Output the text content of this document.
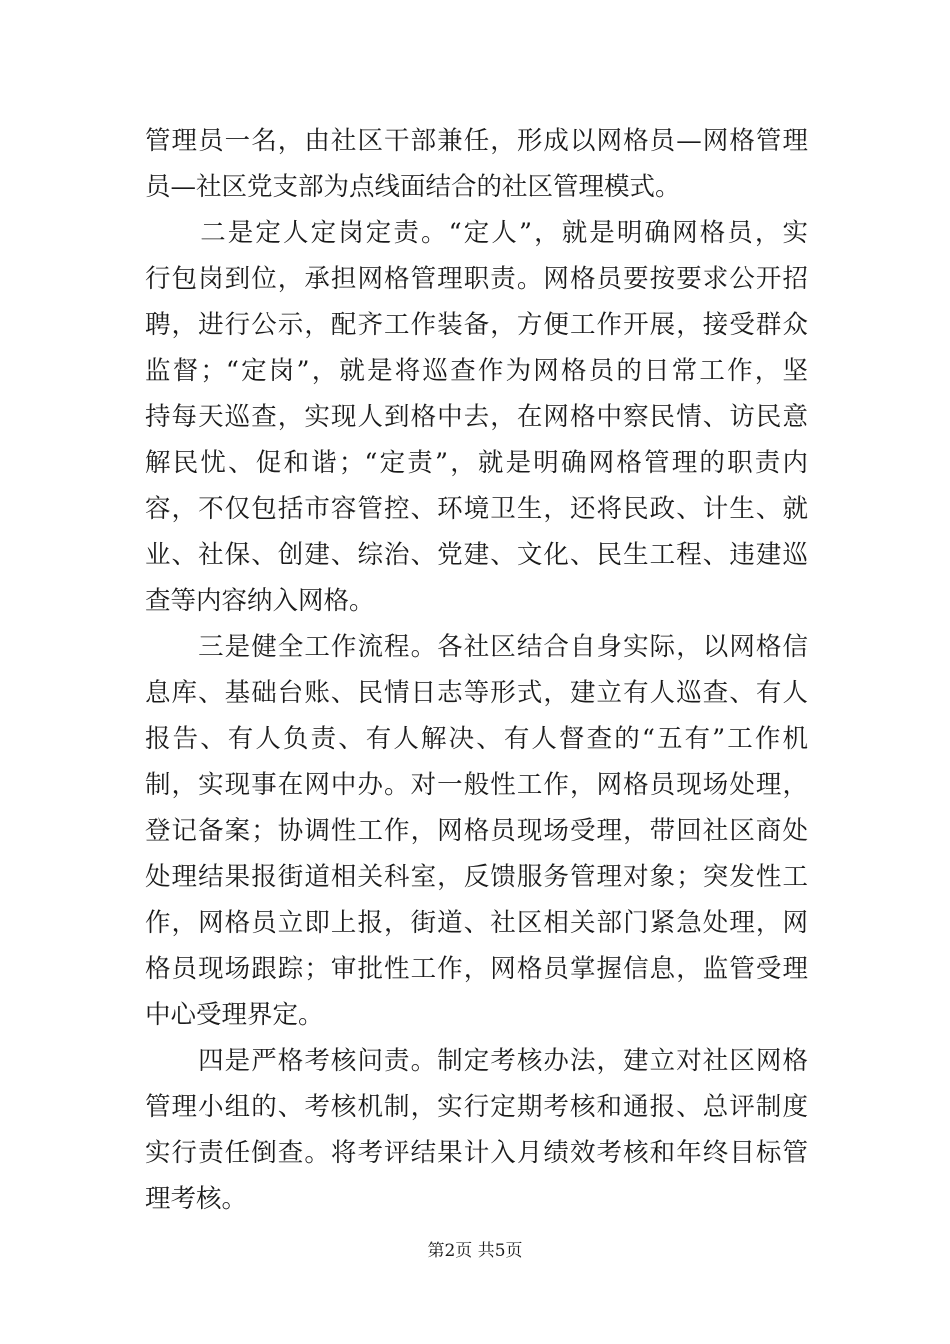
管理员一名，由社区干部兼任，形成以网格员—网格管理
员—社区党支部为点线面结合的社区管理模式。
　　二是定人定岗定责。“定人”，就是明确网格员，实
行包岗到位，承担网格管理职责。网格员要按要求公开招
聘，进行公示，配齐工作装备，方便工作开展，接受群众
监督；“定岗”，就是将巡查作为网格员的日常工作，坚
持每天巡查，实现人到格中去，在网格中察民情、访民意
解民忧、促和谐；“定责”，就是明确网格管理的职责内
容，不仅包括市容管控、环境卫生，还将民政、计生、就
业、社保、创建、综治、党建、文化、民生工程、违建巡
查等内容纳入网格。
　　三是健全工作流程。各社区结合自身实际，以网格信
息库、基础台账、民情日志等形式，建立有人巡查、有人
报告、有人负责、有人解决、有人督查的“五有”工作机
制，实现事在网中办。对一般性工作，网格员现场处理，
登记备案；协调性工作，网格员现场受理，带回社区商处
处理结果报街道相关科室，反馈服务管理对象；突发性工
作，网格员立即上报，街道、社区相关部门紧急处理，网
格员现场跟踪；审批性工作，网格员掌握信息，监管受理
中心受理界定。
　　四是严格考核问责。制定考核办法，建立对社区网格
管理小组的、考核机制，实行定期考核和通报、总评制度
实行责任倒查。将考评结果计入月绩效考核和年终目标管
理考核。
第2页 共5页
